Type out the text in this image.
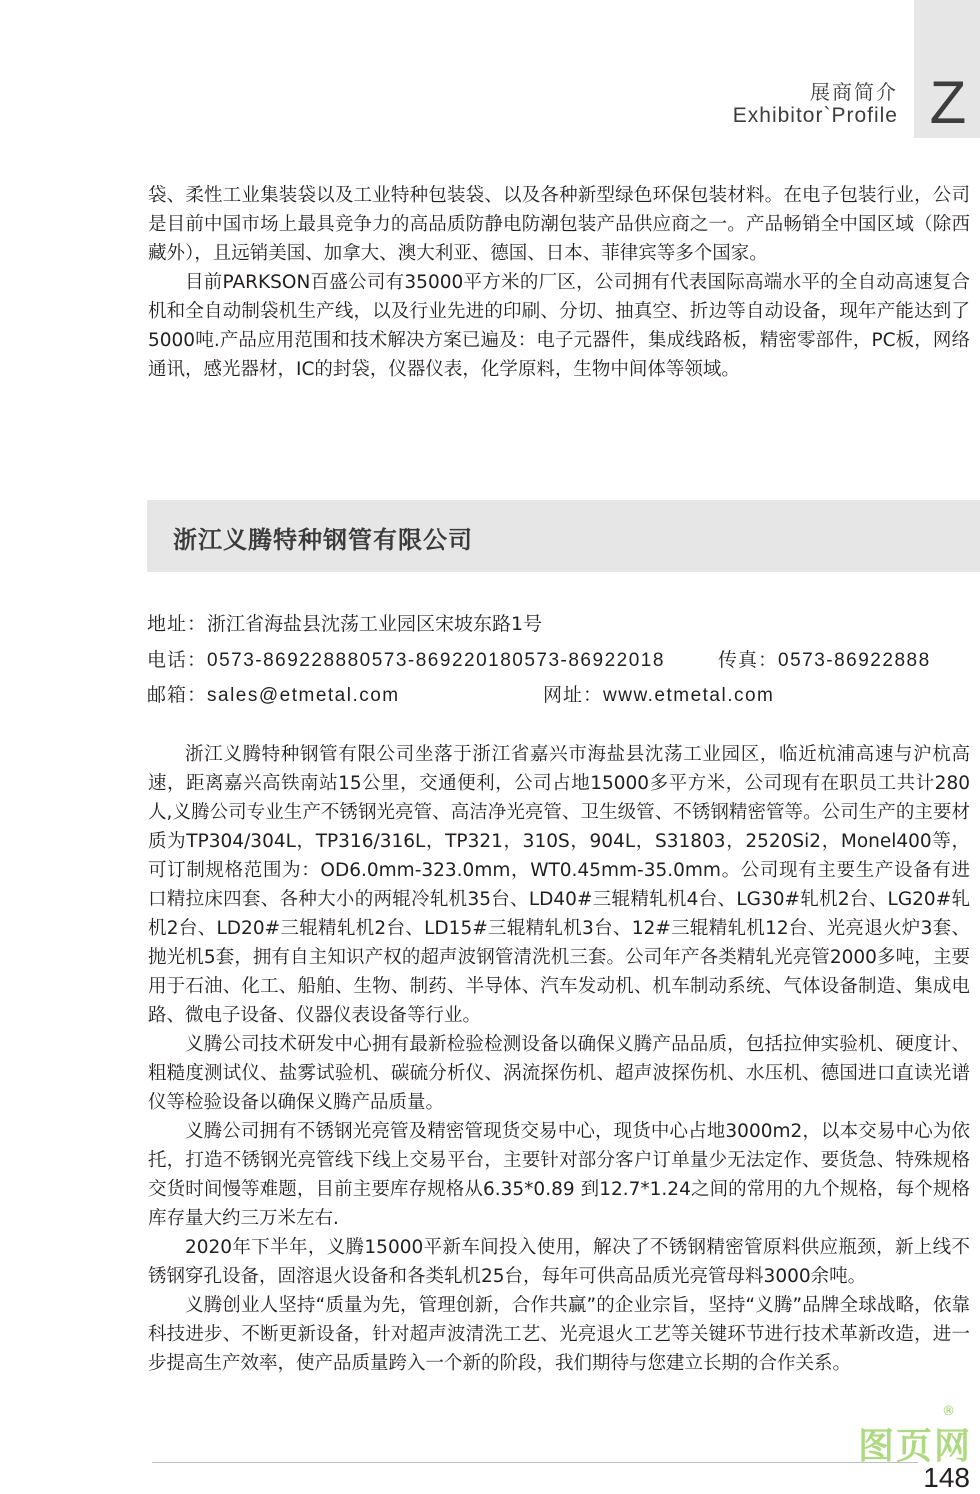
展商简介
Exhibitor`Profile Z

袋、柔性工业集装袋以及工业特种包装袋、以及各种新型绿色环保包装材料。在电子包装行业，公司是目前中国市场上最具竞争力的高品质防静电防潮包装产品供应商之一。产品畅销全中国区域（除西藏外），且远销美国、加拿大、澳大利亚、德国、日本、菲律宾等多个国家。

目前PARKSON百盛公司有35000平方米的厂区，公司拥有代表国际高端水平的全自动高速复合机和全自动制袋机生产线，以及行业先进的印刷、分切、抽真空、折边等自动设备，现年产能达到了5000吨.产品应用范围和技术解决方案已遍及：电子元器件，集成线路板，精密零部件，PC板，网络通讯，感光器材，IC的封袋，仪器仪表，化学原料，生物中间体等领域。

浙江义腾特种钢管有限公司
地址：浙江省海盐县沈荡工业园区宋坡东路1号
电话：0573-869228880573-869220180573-86922018	传真：0573-86922888
邮箱：sales@etmetal.com	网址：www.etmetal.com

浙江义腾特种钢管有限公司坐落于浙江省嘉兴市海盐县沈荡工业园区，临近杭浦高速与沪杭高速，距离嘉兴高铁南站15公里，交通便利，公司占地15000多平方米，公司现有在职员工共计280人,义腾公司专业生产不锈钢光亮管、高洁净光亮管、卫生级管、不锈钢精密管等。公司生产的主要材质为TP304/304L，TP316/316L，TP321，310S，904L，S31803，2520Si2，Monel400等，可订制规格范围为：OD6.0mm-323.0mm，WT0.45mm-35.0mm。公司现有主要生产设备有进口精拉床四套、各种大小的两辊冷轧机35台、LD40#三辊精轧机4台、LG30#轧机2台、LG20#轧机2台、LD20#三辊精轧机2台、LD15#三辊精轧机3台、12#三辊精轧机12台、光亮退火炉3套、抛光机5套，拥有自主知识产权的超声波钢管清洗机三套。公司年产各类精轧光亮管2000多吨，主要用于石油、化工、船舶、生物、制药、半导体、汽车发动机、机车制动系统、气体设备制造、集成电路、微电子设备、仪器仪表设备等行业。

义腾公司技术研发中心拥有最新检验检测设备以确保义腾产品品质，包括拉伸实验机、硬度计、粗糙度测试仪、盐雾试验机、碳硫分析仪、涡流探伤机、超声波探伤机、水压机、德国进口直读光谱仪等检验设备以确保义腾产品质量。

义腾公司拥有不锈钢光亮管及精密管现货交易中心，现货中心占地3000m2，以本交易中心为依托，打造不锈钢光亮管线下线上交易平台，主要针对部分客户订单量少无法定作、要货急、特殊规格交货时间慢等难题，目前主要库存规格从6.35*0.89 到12.7*1.24之间的常用的九个规格，每个规格库存量大约三万米左右.

2020年下半年，义腾15000平新车间投入使用，解决了不锈钢精密管原料供应瓶颈，新上线不锈钢穿孔设备，固溶退火设备和各类轧机25台，每年可供高品质光亮管母料3000余吨。

义腾创业人坚持“质量为先，管理创新，合作共赢”的企业宗旨，坚持“义腾”品牌全球战略，依靠科技进步、不断更新设备，针对超声波清洗工艺、光亮退火工艺等关键环节进行技术革新改造，进一步提高生产效率，使产品质量跨入一个新的阶段，我们期待与您建立长期的合作关系。

图页网
®
148
